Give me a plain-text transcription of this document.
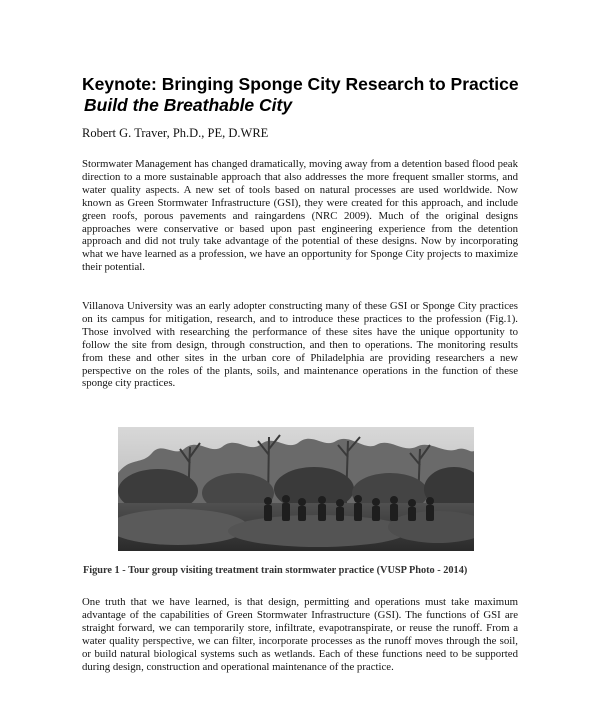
Keynote: Bringing Sponge City Research to Practice
Build the Breathable City
Robert G. Traver, Ph.D., PE, D.WRE

Stormwater Management has changed dramatically, moving away from a detention based flood peak direction to a more sustainable approach that also addresses the more frequent smaller storms, and water quality aspects. A new set of tools based on natural processes are used worldwide. Now known as Green Stormwater Infrastructure (GSI), they were created for this approach, and include green roofs, porous pavements and raingardens (NRC 2009). Much of the original designs approaches were conservative or based upon past engineering experience from the detention approach and did not truly take advantage of the potential of these designs. Now by incorporating what we have learned as a profession, we have an opportunity for Sponge City projects to maximize their potential.

Villanova University was an early adopter constructing many of these GSI or Sponge City practices on its campus for mitigation, research, and to introduce these practices to the profession (Fig.1). Those involved with researching the performance of these sites have the unique opportunity to follow the site from design, through construction, and then to operations. The monitoring results from these and other sites in the urban core of Philadelphia are providing researchers a new perspective on the roles of the plants, soils, and maintenance operations in the function of these sponge city practices.

Figure 1 - Tour group visiting treatment train stormwater practice (VUSP Photo - 2014)

One truth that we have learned, is that design, permitting and operations must take maximum advantage of the capabilities of Green Stormwater Infrastructure (GSI). The functions of GSI are straight forward, we can temporarily store, infiltrate, evapotranspirate, or reuse the runoff. From a water quality perspective, we can filter, incorporate processes as the runoff moves through the soil, or build natural biological systems such as wetlands. Each of these functions need to be supported during design, construction and operational maintenance of the practice.
